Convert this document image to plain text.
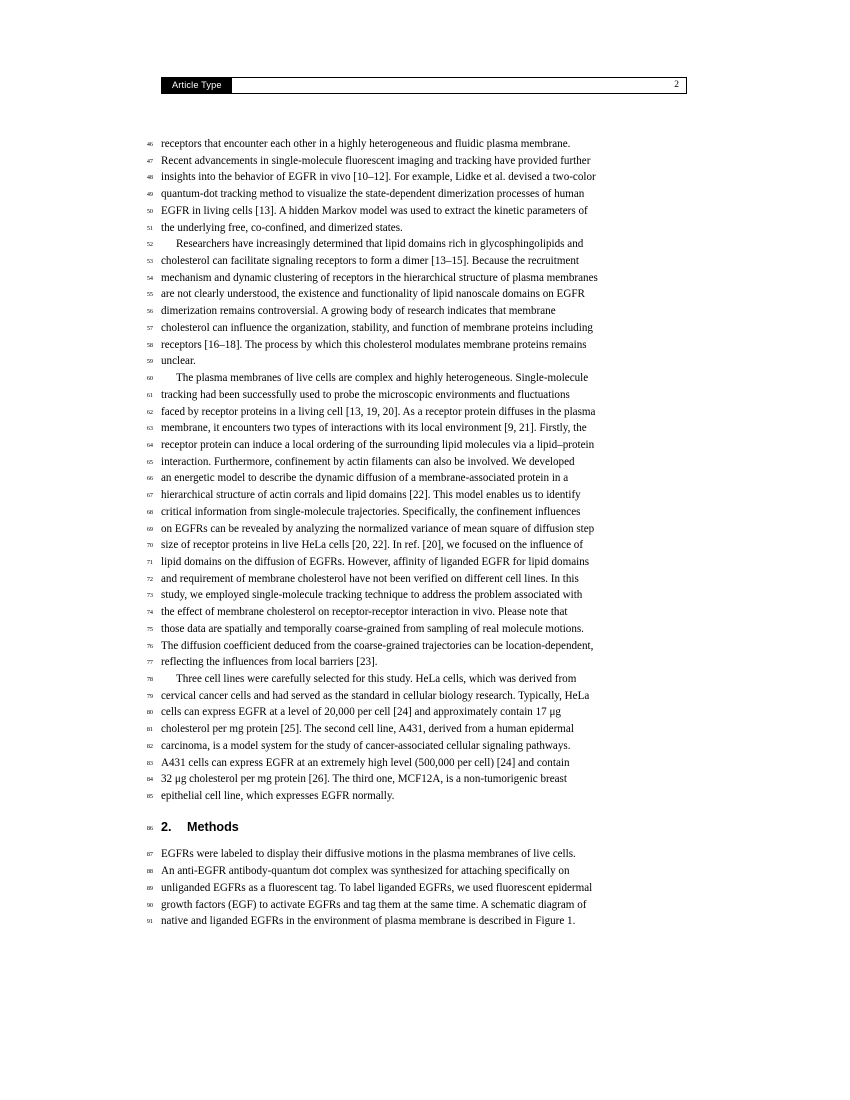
Article Type	2
46 receptors that encounter each other in a highly heterogeneous and fluidic plasma membrane.
47 Recent advancements in single-molecule fluorescent imaging and tracking have provided further
48 insights into the behavior of EGFR in vivo [10–12]. For example, Lidke et al. devised a two-color
49 quantum-dot tracking method to visualize the state-dependent dimerization processes of human
50 EGFR in living cells [13]. A hidden Markov model was used to extract the kinetic parameters of
51 the underlying free, co-confined, and dimerized states.
52	Researchers have increasingly determined that lipid domains rich in glycosphingolipids and
53 cholesterol can facilitate signaling receptors to form a dimer [13–15]. Because the recruitment
54 mechanism and dynamic clustering of receptors in the hierarchical structure of plasma membranes
55 are not clearly understood, the existence and functionality of lipid nanoscale domains on EGFR
56 dimerization remains controversial. A growing body of research indicates that membrane
57 cholesterol can influence the organization, stability, and function of membrane proteins including
58 receptors [16–18]. The process by which this cholesterol modulates membrane proteins remains
59 unclear.
60	The plasma membranes of live cells are complex and highly heterogeneous. Single-molecule
61 tracking had been successfully used to probe the microscopic environments and fluctuations
62 faced by receptor proteins in a living cell [13, 19, 20]. As a receptor protein diffuses in the plasma
63 membrane, it encounters two types of interactions with its local environment [9, 21]. Firstly, the
64 receptor protein can induce a local ordering of the surrounding lipid molecules via a lipid–protein
65 interaction. Furthermore, confinement by actin filaments can also be involved. We developed
66 an energetic model to describe the dynamic diffusion of a membrane-associated protein in a
67 hierarchical structure of actin corrals and lipid domains [22]. This model enables us to identify
68 critical information from single-molecule trajectories. Specifically, the confinement influences
69 on EGFRs can be revealed by analyzing the normalized variance of mean square of diffusion step
70 size of receptor proteins in live HeLa cells [20, 22]. In ref. [20], we focused on the influence of
71 lipid domains on the diffusion of EGFRs. However, affinity of liganded EGFR for lipid domains
72 and requirement of membrane cholesterol have not been verified on different cell lines. In this
73 study, we employed single-molecule tracking technique to address the problem associated with
74 the effect of membrane cholesterol on receptor-receptor interaction in vivo. Please note that
75 those data are spatially and temporally coarse-grained from sampling of real molecule motions.
76 The diffusion coefficient deduced from the coarse-grained trajectories can be location-dependent,
77 reflecting the influences from local barriers [23].
78	Three cell lines were carefully selected for this study. HeLa cells, which was derived from
79 cervical cancer cells and had served as the standard in cellular biology research. Typically, HeLa
80 cells can express EGFR at a level of 20,000 per cell [24] and approximately contain 17 μg
81 cholesterol per mg protein [25]. The second cell line, A431, derived from a human epidermal
82 carcinoma, is a model system for the study of cancer-associated cellular signaling pathways.
83 A431 cells can express EGFR at an extremely high level (500,000 per cell) [24] and contain
84 32 μg cholesterol per mg protein [26]. The third one, MCF12A, is a non-tumorigenic breast
85 epithelial cell line, which expresses EGFR normally.
86 2. Methods
87 EGFRs were labeled to display their diffusive motions in the plasma membranes of live cells.
88 An anti-EGFR antibody-quantum dot complex was synthesized for attaching specifically on
89 unliganded EGFRs as a fluorescent tag. To label liganded EGFRs, we used fluorescent epidermal
90 growth factors (EGF) to activate EGFRs and tag them at the same time. A schematic diagram of
91 native and liganded EGFRs in the environment of plasma membrane is described in Figure 1.
